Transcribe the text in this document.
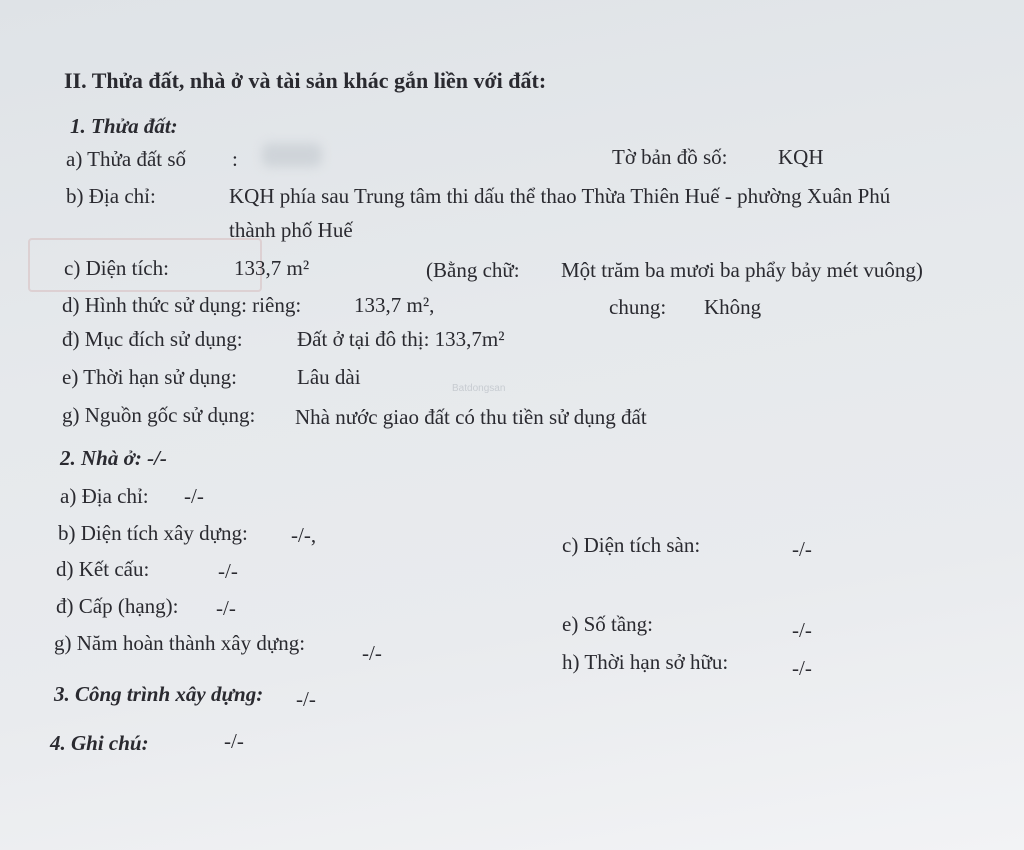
Batdongsan
II. Thửa đất, nhà ở và tài sản khác gắn liền với đất:
1. Thửa đất:
a) Thửa đất số :	Tờ bản đồ số: KQH
b) Địa chỉ:	KQH phía sau Trung tâm thi dấu thể thao Thừa Thiên Huế - phường Xuân Phú
thành phố Huế
c) Diện tích:	133,7 m²	(Bằng chữ: Một trăm ba mươi ba phẩy bảy mét vuông)
d) Hình thức sử dụng: riêng:	133,7 m²,	chung: Không
đ) Mục đích sử dụng:	Đất ở tại đô thị: 133,7m²
e) Thời hạn sử dụng:	Lâu dài
g) Nguồn gốc sử dụng: Nhà nước giao đất có thu tiền sử dụng đất
2. Nhà ở: -/-
a) Địa chỉ: -/-
b) Diện tích xây dựng: -/-,	c) Diện tích sàn:	-/-
d) Kết cấu:	-/-
đ) Cấp (hạng): -/-
e) Số tầng:	-/-
g) Năm hoàn thành xây dựng:	-/-	h) Thời hạn sở hữu:	-/-
3. Công trình xây dựng: -/-
4. Ghi chú:	-/-
